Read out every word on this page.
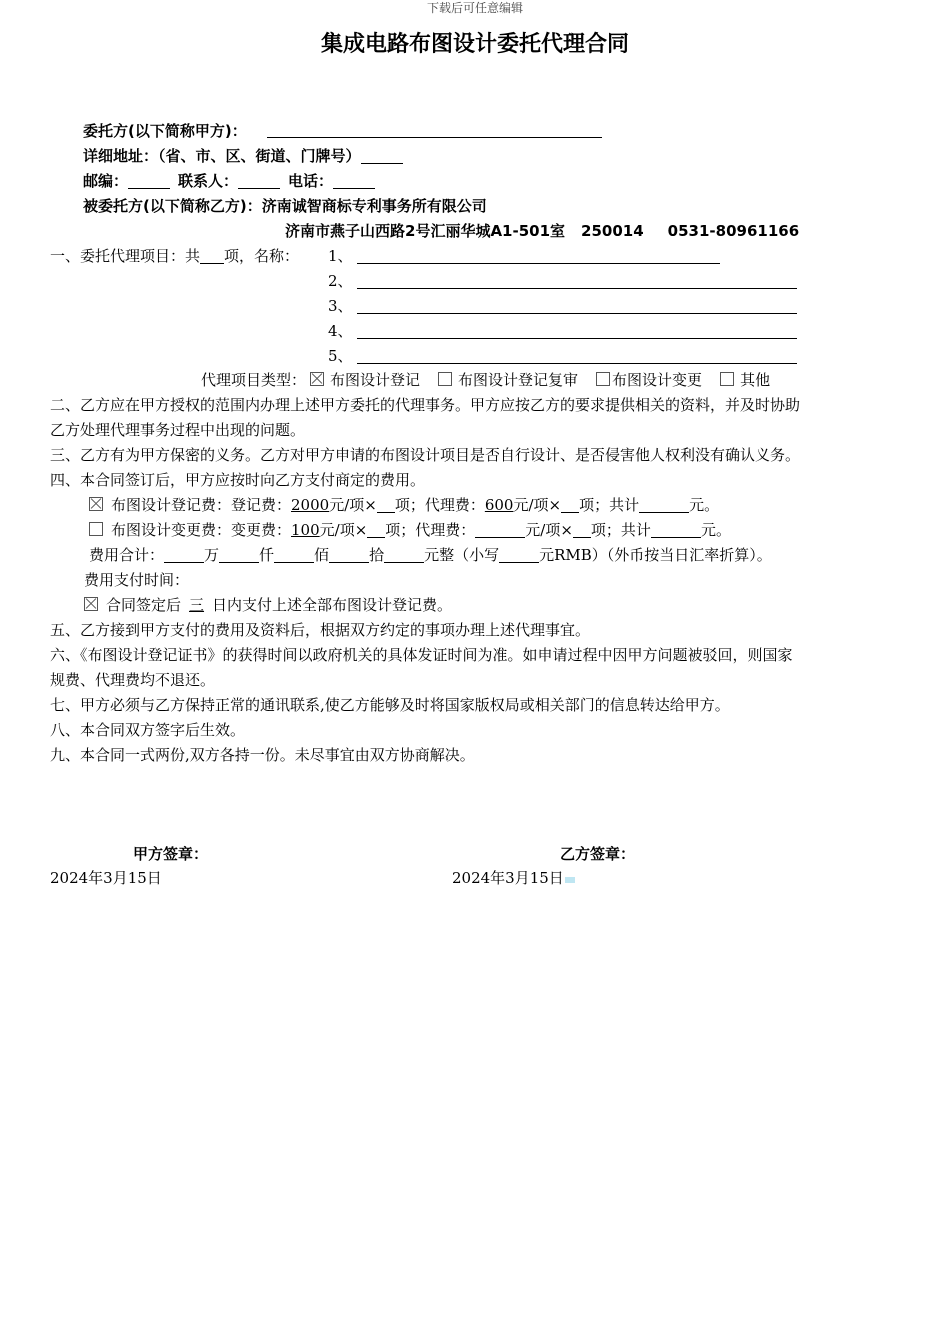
下载后可任意编辑
集成电路布图设计委托代理合同
委托方(以下简称甲方)：
详细地址：（省、市、区、街道、门牌号）
邮编：	联系人：	电话：
被委托方(以下简称乙方)：济南诚智商标专利事务所有限公司
济南市燕子山西路2号汇丽华城A1-501室 250014 0531-80961166
一、委托代理项目：共 项，名称： 1、
2、
3、
4、
5、
代理项目类型： 布图设计登记	布图设计登记复审 布图设计变更	其他
二、乙方应在甲方授权的范围内办理上述甲方委托的代理事务。甲方应按乙方的要求提供相关的资料，并及时协助
乙方处理代理事务过程中出现的问题。
三、乙方有为甲方保密的义务。乙方对甲方申请的布图设计项目是否自行设计、是否侵害他人权利没有确认义务。
四、本合同签订后，甲方应按时向乙方支付商定的费用。
布图设计登记费：登记费：2000元/项× 项；代理费：600元/项× 项；共计	元。
布图设计变更费：变更费：100元/项× 项；代理费：	元/项× 项；共计	元。
费用合计：	万	仟	佰	拾	元整（小写	元RMB）（外币按当日汇率折算）。
费用支付时间：
合同签定后 三 日内支付上述全部布图设计登记费。
五、乙方接到甲方支付的费用及资料后，根据双方约定的事项办理上述代理事宜。
六、《布图设计登记证书》的获得时间以政府机关的具体发证时间为准。如申请过程中因甲方问题被驳回，则国家
规费、代理费均不退还。
七、甲方必须与乙方保持正常的通讯联系,使乙方能够及时将国家版权局或相关部门的信息转达给甲方。
八、本合同双方签字后生效。
九、本合同一式两份,双方各持一份。未尽事宜由双方协商解决。
甲方签章：	乙方签章：
2024年3月15日	2024年3月15日
